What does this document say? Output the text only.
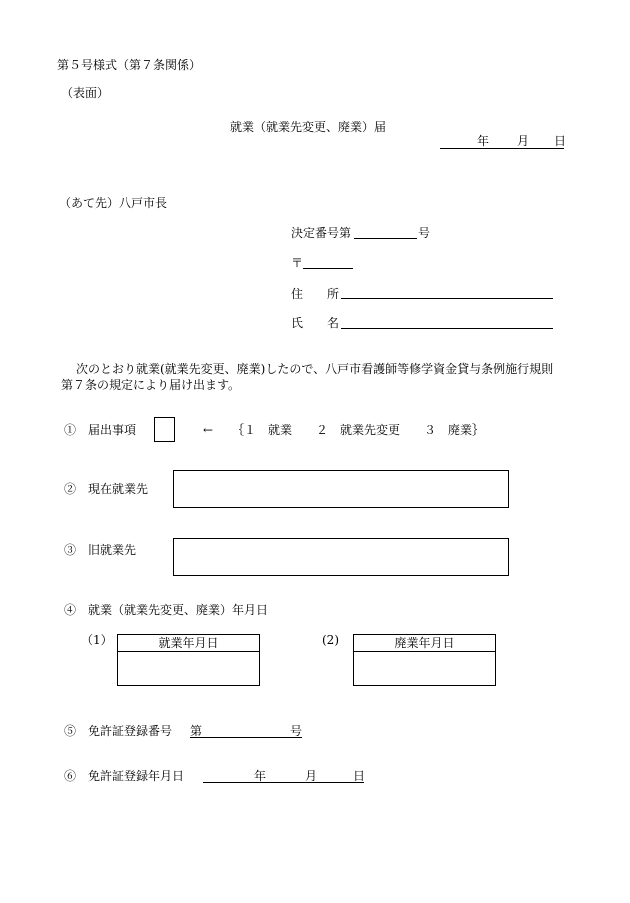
第５号様式（第７条関係）
（表面）
就業（就業先変更、廃業）届
年 月 日
（あて先）八戸市長
決定番号第	号
〒
住　　所
氏　　名
次のとおり就業(就業先変更、廃業)したので、八戸市看護師等修学資金貸与条例施行規則
第７条の規定により届け出ます。
①　届出事項	← ｛１　就業　　２　就業先変更　　３　廃業｝
②　現在就業先
③　旧就業先
④　就業（就業先変更、廃業）年月日
（1）	就業年月日	(2)	廃業年月日
⑤　免許証登録番号 第	号
⑥　免許証登録年月日	年	月	日
